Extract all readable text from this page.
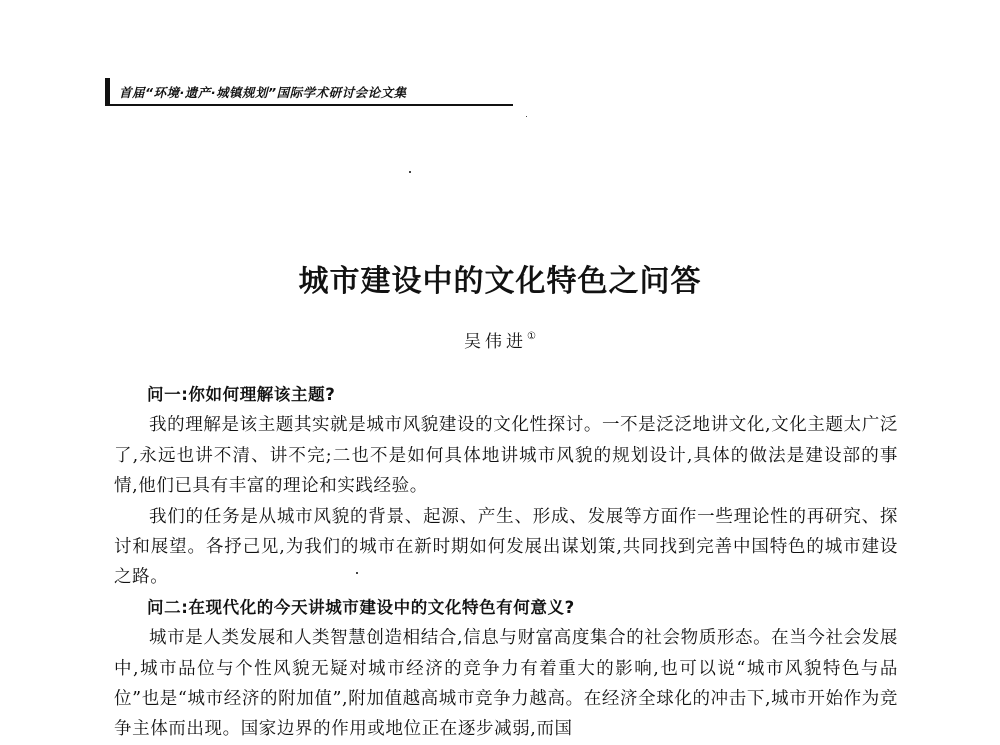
首届“环境·遗产·城镇规划”国际学术研讨会论文集
城市建设中的文化特色之问答
吴伟进①

问一:你如何理解该主题?

我的理解是该主题其实就是城市风貌建设的文化性探讨。一不是泛泛地讲文化,文化主题太广泛了,永远也讲不清、讲不完;二也不是如何具体地讲城市风貌的规划设计,具体的做法是建设部的事情,他们已具有丰富的理论和实践经验。

我们的任务是从城市风貌的背景、起源、产生、形成、发展等方面作一些理论性的再研究、探讨和展望。各抒己见,为我们的城市在新时期如何发展出谋划策,共同找到完善中国特色的城市建设之路。

问二:在现代化的今天讲城市建设中的文化特色有何意义?

城市是人类发展和人类智慧创造相结合,信息与财富高度集合的社会物质形态。在当今社会发展中,城市品位与个性风貌无疑对城市经济的竞争力有着重大的影响,也可以说“城市风貌特色与品位”也是“城市经济的附加值”,附加值越高城市竞争力越高。在经济全球化的冲击下,城市开始作为竞争主体而出现。国家边界的作用或地位正在逐步减弱,而国
